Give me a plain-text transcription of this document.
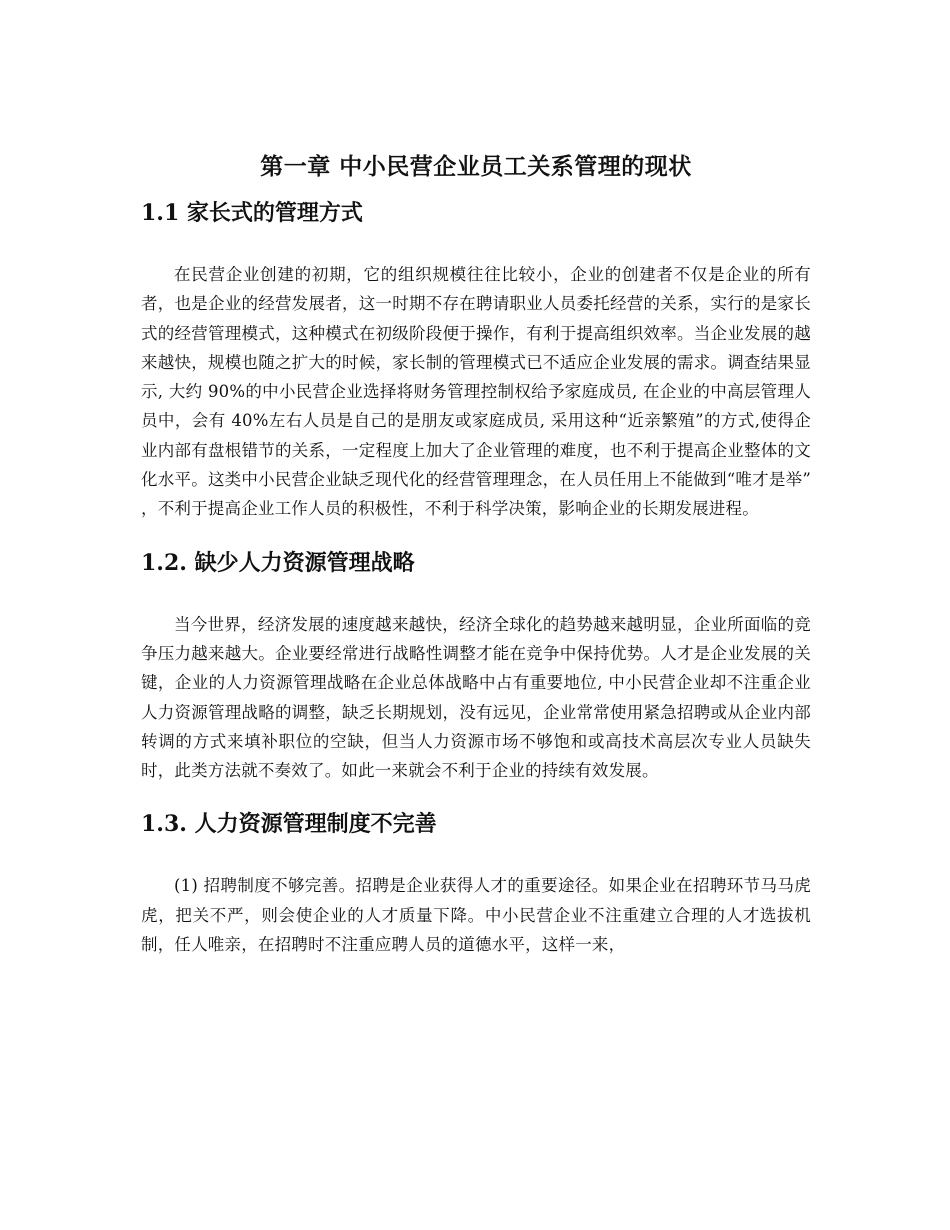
第一章 中小民营企业员工关系管理的现状
1.1 家长式的管理方式

在民营企业创建的初期，它的组织规模往往比较小，企业的创建者不仅是企业的所有者，也是企业的经营发展者，这一时期不存在聘请职业人员委托经营的关系，实行的是家长式的经营管理模式，这种模式在初级阶段便于操作，有利于提高组织效率。当企业发展的越来越快，规模也随之扩大的时候，家长制的管理模式已不适应企业发展的需求。调查结果显示, 大约 90%的中小民营企业选择将财务管理控制权给予家庭成员, 在企业的中高层管理人员中，会有 40%左右人员是自己的是朋友或家庭成员, 采用这种“近亲繁殖”的方式,使得企业内部有盘根错节的关系，一定程度上加大了企业管理的难度，也不利于提高企业整体的文化水平。这类中小民营企业缺乏现代化的经营管理理念，在人员任用上不能做到“唯才是举” ，不利于提高企业工作人员的积极性，不利于科学决策，影响企业的长期发展进程。

1.2. 缺少人力资源管理战略

当今世界，经济发展的速度越来越快，经济全球化的趋势越来越明显，企业所面临的竞争压力越来越大。企业要经常进行战略性调整才能在竞争中保持优势。人才是企业发展的关键，企业的人力资源管理战略在企业总体战略中占有重要地位, 中小民营企业却不注重企业人力资源管理战略的调整，缺乏长期规划，没有远见，企业常常使用紧急招聘或从企业内部转调的方式来填补职位的空缺，但当人力资源市场不够饱和或高技术高层次专业人员缺失时，此类方法就不奏效了。如此一来就会不利于企业的持续有效发展。

1.3. 人力资源管理制度不完善

(1) 招聘制度不够完善。招聘是企业获得人才的重要途径。如果企业在招聘环节马马虎虎，把关不严，则会使企业的人才质量下降。中小民营企业不注重建立合理的人才选拔机制，任人唯亲，在招聘时不注重应聘人员的道德水平，这样一来，
